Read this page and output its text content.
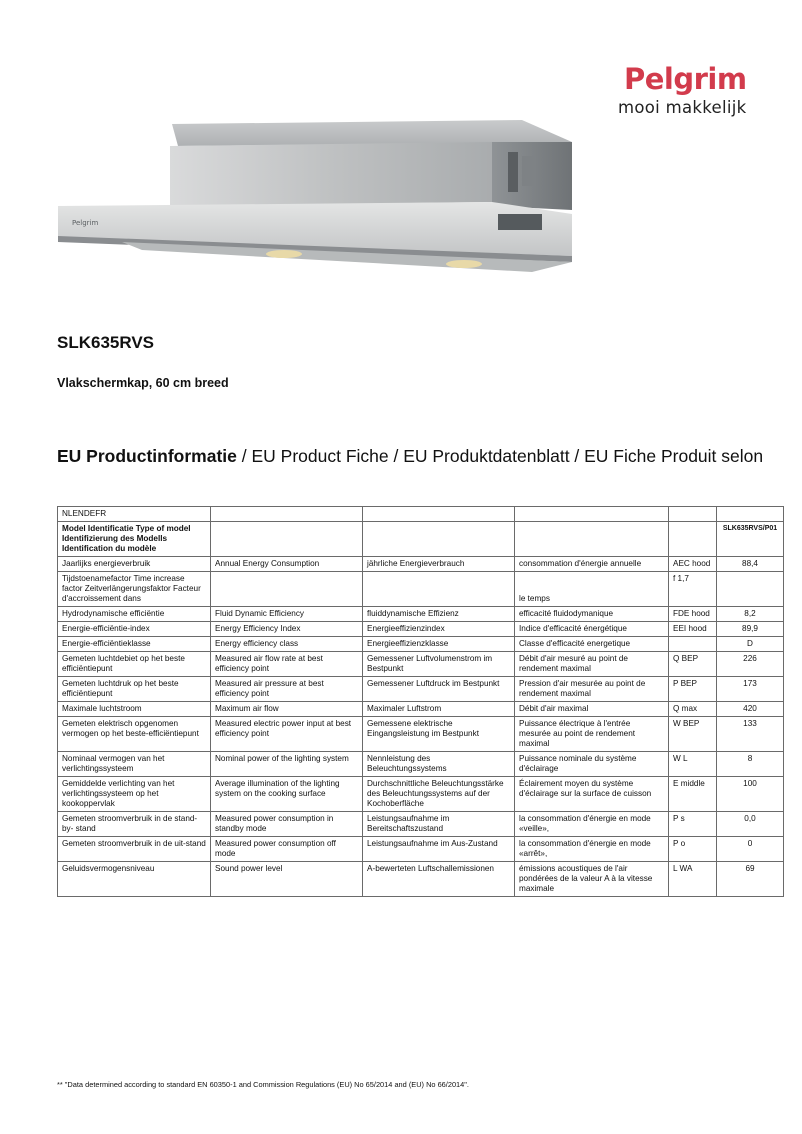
Pelgrim
mooi makkelijk
Pelgrim
SLK635RVS

Vlakschermkap, 60 cm breed

EU Productinformatie / EU Product Fiche / EU Produktdatenblatt / EU Fiche Produit selon
NLENDEFR					
Model Identificatie Type of model Identifizierung des Modells Identification du modèle					SLK635RVS/P01
Jaarlijks energieverbruik	Annual Energy Consumption	jährliche Energieverbrauch	consommation d'énergie annuelle	AEC hood	88,4
Tijdstoenamefactor Time increase factor Zeitverlängerungsfaktor Facteur d'accroissement dans			le temps	f 1,7	
Hydrodynamische efficiëntie	Fluid Dynamic Efficiency	fluiddynamische Effizienz	efficacité fluidodymanique	FDE hood	8,2
Energie-efficiëntie-index	Energy Efficiency Index	Energieeffizienzindex	Indice d'efficacité énergétique	EEI hood	89,9
Energie-efficiëntieklasse	Energy efficiency class	Energieeffizienzklasse	Classe d'efficacité energetique		D
Gemeten luchtdebiet op het beste efficiëntiepunt	Measured air flow rate at best efficiency point	Gemessener Luftvolumenstrom im Bestpunkt	Débit d'air mesuré au point de rendement maximal	Q BEP	226
Gemeten luchtdruk op het beste efficiëntiepunt	Measured air pressure at best efficiency point	Gemessener Luftdruck im Bestpunkt	Pression d'air mesurée au point de rendement maximal	P BEP	173
Maximale luchtstroom	Maximum air flow	Maximaler Luftstrom	Débit d'air maximal	Q max	420
Gemeten elektrisch opgenomen vermogen op het beste-efficiëntiepunt	Measured electric power input at best efficiency point	Gemessene elektrische Eingangsleistung im Bestpunkt	Puissance électrique à l'entrée mesurée au point de rendement maximal	W BEP	133
Nominaal vermogen van het verlichtingssysteem	Nominal power of the lighting system	Nennleistung des Beleuchtungssystems	Puissance nominale du système d'éclairage	W L	8
Gemiddelde verlichting van het verlichtingssysteem op het kookoppervlak	Average illumination of the lighting system on the cooking surface	Durchschnittliche Beleuchtungsstärke des Beleuchtungssystems auf der Kochoberfläche	Éclairement moyen du système d'éclairage sur la surface de cuisson	E middle	100
Gemeten stroomverbruik in de stand-by- stand	Measured power consumption in standby mode	Leistungsaufnahme im Bereitschaftszustand	la consommation d'énergie en mode «veille»,	P s	0,0
Gemeten stroomverbruik in de uit-stand	Measured power consumption off mode	Leistungsaufnahme im Aus-Zustand	la consommation d'énergie en mode «arrêt»,	P o	0
Geluidsvermogensniveau	Sound power level	A-bewerteten Luftschallemissionen	émissions acoustiques de l'air pondérées de la valeur A à la vitesse maximale	L WA	69

** "Data determined according to standard EN 60350-1 and Commission Regulations (EU) No 65/2014 and (EU) No 66/2014".
